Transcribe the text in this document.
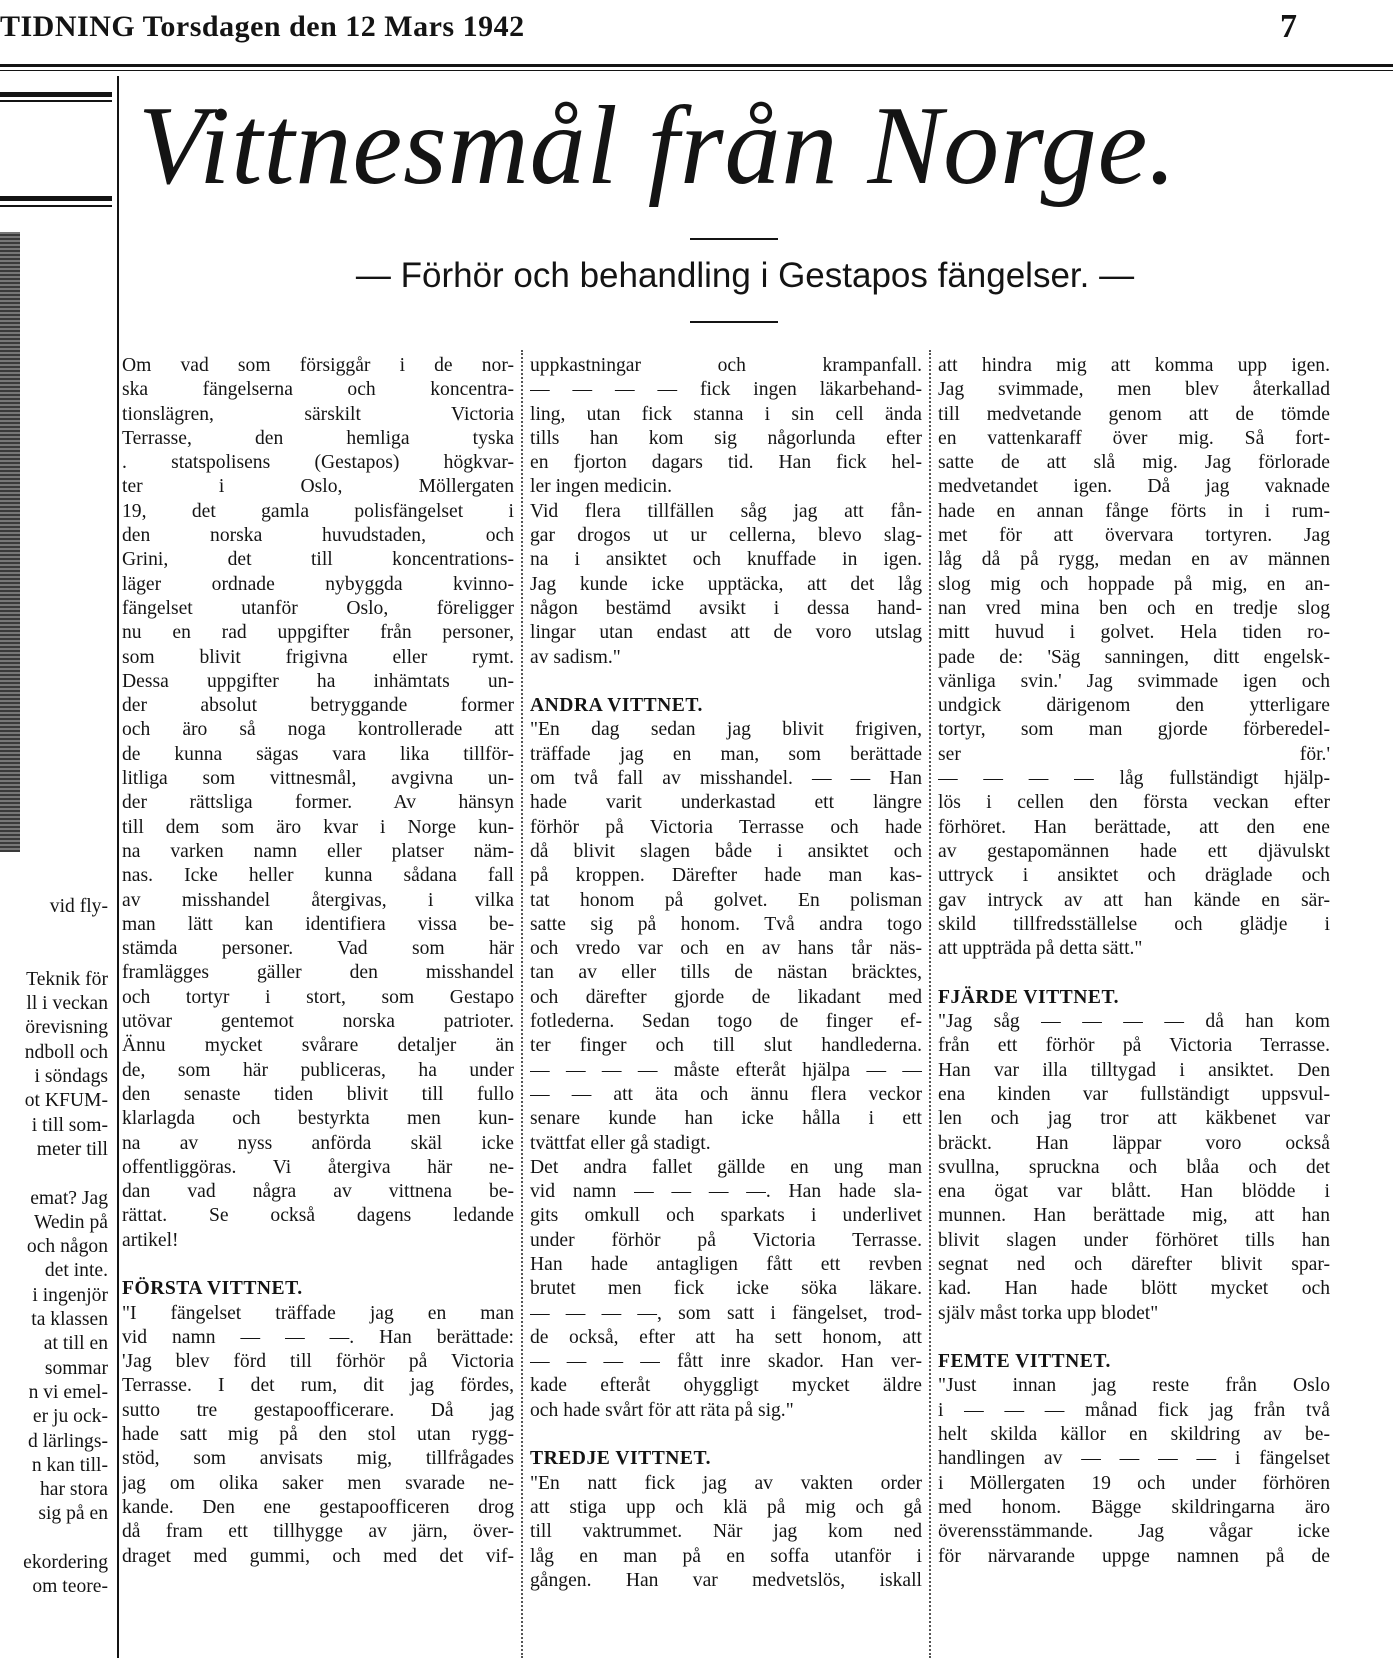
TIDNING Torsdagen den 12 Mars 1942	7
Vittnesmål från Norge.
— Förhör och behandling i Gestapos fängelser. —
vid fly-
Teknik för
ll i veckan
örevisning
ndboll och
i söndags
ot KFUM-
i till som-
meter till
emat? Jag
Wedin på
och någon
det inte.
i ingenjör
ta klassen
at till en
sommar
n vi emel-
er ju ock-
d lärlings-
n kan till-
har stora
sig på en
ekordering
om teore-
Om vad som försiggår i de nor-
ska fängelserna och koncentra-
tionslägren, särskilt Victoria
Terrasse, den hemliga tyska
. statspolisens (Gestapos) högkvar-
ter i Oslo, Möllergaten
19, det gamla polisfängelset i
den norska huvudstaden, och
Grini, det till koncentrations-
läger ordnade nybyggda kvinno-
fängelset utanför Oslo, föreligger
nu en rad uppgifter från personer,
som blivit frigivna eller rymt.
Dessa uppgifter ha inhämtats un-
der absolut betryggande former
och äro så noga kontrollerade att
de kunna sägas vara lika tillför-
litliga som vittnesmål, avgivna un-
der rättsliga former. Av hänsyn
till dem som äro kvar i Norge kun-
na varken namn eller platser näm-
nas. Icke heller kunna sådana fall
av misshandel återgivas, i vilka
man lätt kan identifiera vissa be-
stämda personer. Vad som här
framlägges gäller den misshandel
och tortyr i stort, som Gestapo
utövar gentemot norska patrioter.
Ännu mycket svårare detaljer än
de, som här publiceras, ha under
den senaste tiden blivit till fullo
klarlagda och bestyrkta men kun-
na av nyss anförda skäl icke
offentliggöras. Vi återgiva här ne-
dan vad några av vittnena be-
rättat. Se också dagens ledande
artikel!
FÖRSTA VITTNET.
"I fängelset träffade jag en man
vid namn — — —. Han berättade:
'Jag blev förd till förhör på Victoria
Terrasse. I det rum, dit jag fördes,
sutto tre gestapoofficerare. Då jag
hade satt mig på den stol utan rygg-
stöd, som anvisats mig, tillfrågades
jag om olika saker men svarade ne-
kande. Den ene gestapoofficeren drog
då fram ett tillhygge av järn, över-
draget med gummi, och med det vif-
uppkastningar och krampanfall.
— — — — fick ingen läkarbehand-
ling, utan fick stanna i sin cell ända
tills han kom sig någorlunda efter
en fjorton dagars tid. Han fick hel-
ler ingen medicin.
Vid flera tillfällen såg jag att fån-
gar drogos ut ur cellerna, blevo slag-
na i ansiktet och knuffade in igen.
Jag kunde icke upptäcka, att det låg
någon bestämd avsikt i dessa hand-
lingar utan endast att de voro utslag
av sadism."
ANDRA VITTNET.
"En dag sedan jag blivit frigiven,
träffade jag en man, som berättade
om två fall av misshandel. — — Han
hade varit underkastad ett längre
förhör på Victoria Terrasse och hade
då blivit slagen både i ansiktet och
på kroppen. Därefter hade man kas-
tat honom på golvet. En polisman
satte sig på honom. Två andra togo
och vredo var och en av hans tår näs-
tan av eller tills de nästan bräcktes,
och därefter gjorde de likadant med
fotlederna. Sedan togo de finger ef-
ter finger och till slut handlederna.
— — — — måste efteråt hjälpa — —
— — att äta och ännu flera veckor
senare kunde han icke hålla i ett
tvättfat eller gå stadigt.
Det andra fallet gällde en ung man
vid namn — — — —. Han hade sla-
gits omkull och sparkats i underlivet
under förhör på Victoria Terrasse.
Han hade antagligen fått ett revben
brutet men fick icke söka läkare.
— — — —, som satt i fängelset, trod-
de också, efter att ha sett honom, att
— — — — fått inre skador. Han ver-
kade efteråt ohyggligt mycket äldre
och hade svårt för att räta på sig."
TREDJE VITTNET.
"En natt fick jag av vakten order
att stiga upp och klä på mig och gå
till vaktrummet. När jag kom ned
låg en man på en soffa utanför i
gången. Han var medvetslös, iskall
att hindra mig att komma upp igen.
Jag svimmade, men blev återkallad
till medvetande genom att de tömde
en vattenkaraff över mig. Så fort-
satte de att slå mig. Jag förlorade
medvetandet igen. Då jag vaknade
hade en annan fånge förts in i rum-
met för att övervara tortyren. Jag
låg då på rygg, medan en av männen
slog mig och hoppade på mig, en an-
nan vred mina ben och en tredje slog
mitt huvud i golvet. Hela tiden ro-
pade de: 'Säg sanningen, ditt engelsk-
vänliga svin.' Jag svimmade igen och
undgick därigenom den ytterligare
tortyr, som man gjorde förberedel-
ser för.'
— — — — låg fullständigt hjälp-
lös i cellen den första veckan efter
förhöret. Han berättade, att den ene
av gestapomännen hade ett djävulskt
uttryck i ansiktet och dräglade och
gav intryck av att han kände en sär-
skild tillfredsställelse och glädje i
att uppträda på detta sätt."
FJÄRDE VITTNET.
"Jag såg — — — — då han kom
från ett förhör på Victoria Terrasse.
Han var illa tilltygad i ansiktet. Den
ena kinden var fullständigt uppsvul-
len och jag tror att käkbenet var
bräckt. Han läppar voro också
svullna, spruckna och blåa och det
ena ögat var blått. Han blödde i
munnen. Han berättade mig, att han
blivit slagen under förhöret tills han
segnat ned och därefter blivit spar-
kad. Han hade blött mycket och
själv måst torka upp blodet"
FEMTE VITTNET.
"Just innan jag reste från Oslo
i — — — månad fick jag från två
helt skilda källor en skildring av be-
handlingen av — — — — i fängelset
i Möllergaten 19 och under förhören
med honom. Bägge skildringarna äro
överensstämmande. Jag vågar icke
för närvarande uppge namnen på de
